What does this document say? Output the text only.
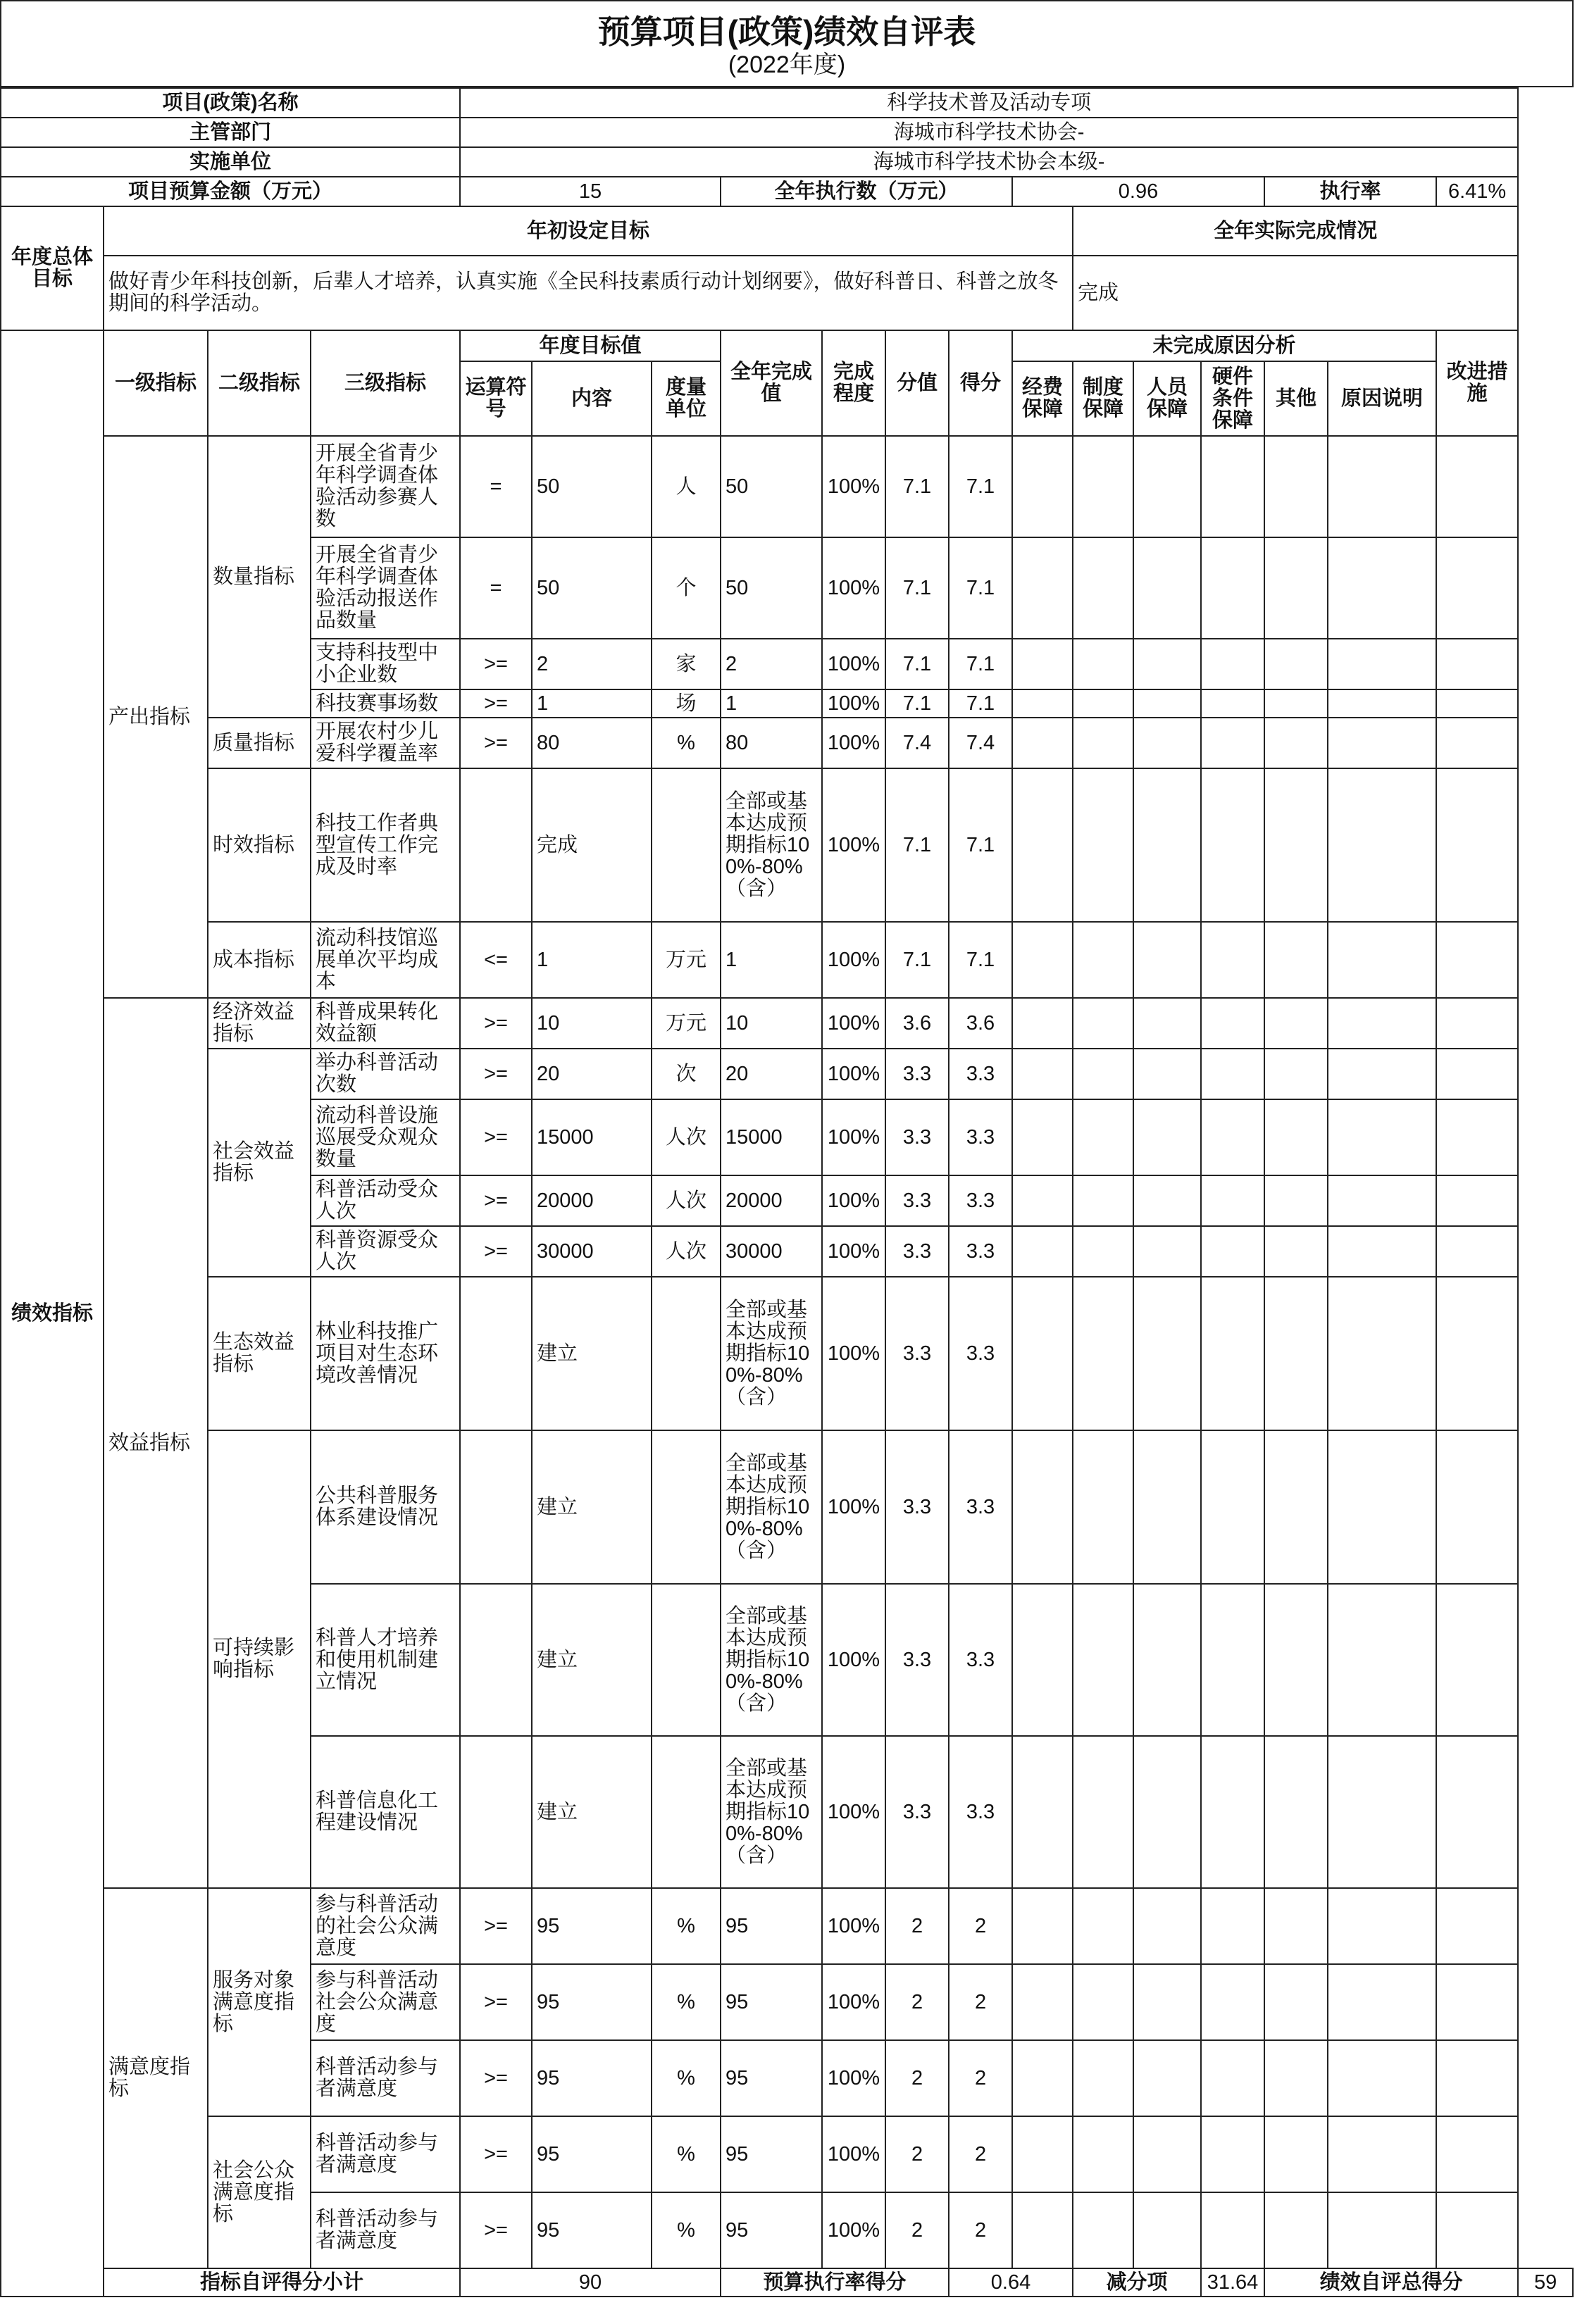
预算项目(政策)绩效自评表
(2022年度)
项目(政策)名称				科学技术普及活动专项														
主管部门				海城市科学技术协会-														
实施单位				海城市科学技术协会本级-														
项目预算金额（万元）				15			全年执行数（万元）				0.96				执行率		6.41%	
年度总体目标	年初设定目标											全年实际完成情况						
	做好青少年科技创新，后辈人才培养，认真实施《全民科技素质行动计划纲要》，做好科普日、科普之放冬期间的科学活动。											完成						
绩效指标	一级指标	二级指标	三级指标	年度目标值			全年完成值	完成程度	分值	得分	未完成原因分析						改进措施	
				运算符号	内容	度量单位					经费保障	制度保障	人员保障	硬件条件保障	其他	原因说明		
	产出指标	数量指标	开展全省青少年科学调查体验活动参赛人数	=	50	人	50	100%	7.1	7.1								
			开展全省青少年科学调查体验活动报送作品数量	=	50	个	50	100%	7.1	7.1								
			支持科技型中小企业数	>=	2	家	2	100%	7.1	7.1								
			科技赛事场数	>=	1	场	1	100%	7.1	7.1								
		质量指标	开展农村少儿爱科学覆盖率	>=	80	%	80	100%	7.4	7.4								
		时效指标	科技工作者典型宣传工作完成及时率		完成		全部或基本达成预期指标100%-80%（含）	100%	7.1	7.1								
		成本指标	流动科技馆巡展单次平均成本	<=	1	万元	1	100%	7.1	7.1								
	效益指标	经济效益指标	科普成果转化效益额	>=	10	万元	10	100%	3.6	3.6								
		社会效益指标	举办科普活动次数	>=	20	次	20	100%	3.3	3.3								
			流动科普设施巡展受众观众数量	>=	15000	人次	15000	100%	3.3	3.3								
			科普活动受众人次	>=	20000	人次	20000	100%	3.3	3.3								
			科普资源受众人次	>=	30000	人次	30000	100%	3.3	3.3								
		生态效益指标	林业科技推广项目对生态环境改善情况		建立		全部或基本达成预期指标100%-80%（含）	100%	3.3	3.3								
		可持续影响指标	公共科普服务体系建设情况		建立		全部或基本达成预期指标100%-80%（含）	100%	3.3	3.3								
			科普人才培养和使用机制建立情况		建立		全部或基本达成预期指标100%-80%（含）	100%	3.3	3.3								
			科普信息化工程建设情况		建立		全部或基本达成预期指标100%-80%（含）	100%	3.3	3.3								
	满意度指标	服务对象满意度指标	参与科普活动的社会公众满意度	>=	95	%	95	100%	2	2								
			参与科普活动社会公众满意度	>=	95	%	95	100%	2	2								
			科普活动参与者满意度	>=	95	%	95	100%	2	2								
		社会公众满意度指标	科普活动参与者满意度	>=	95	%	95	100%	2	2								
			科普活动参与者满意度	>=	95	%	95	100%	2	2								
	指标自评得分小计			90			预算执行率得分			0.64		减分项		31.64	绩效自评总得分			59
